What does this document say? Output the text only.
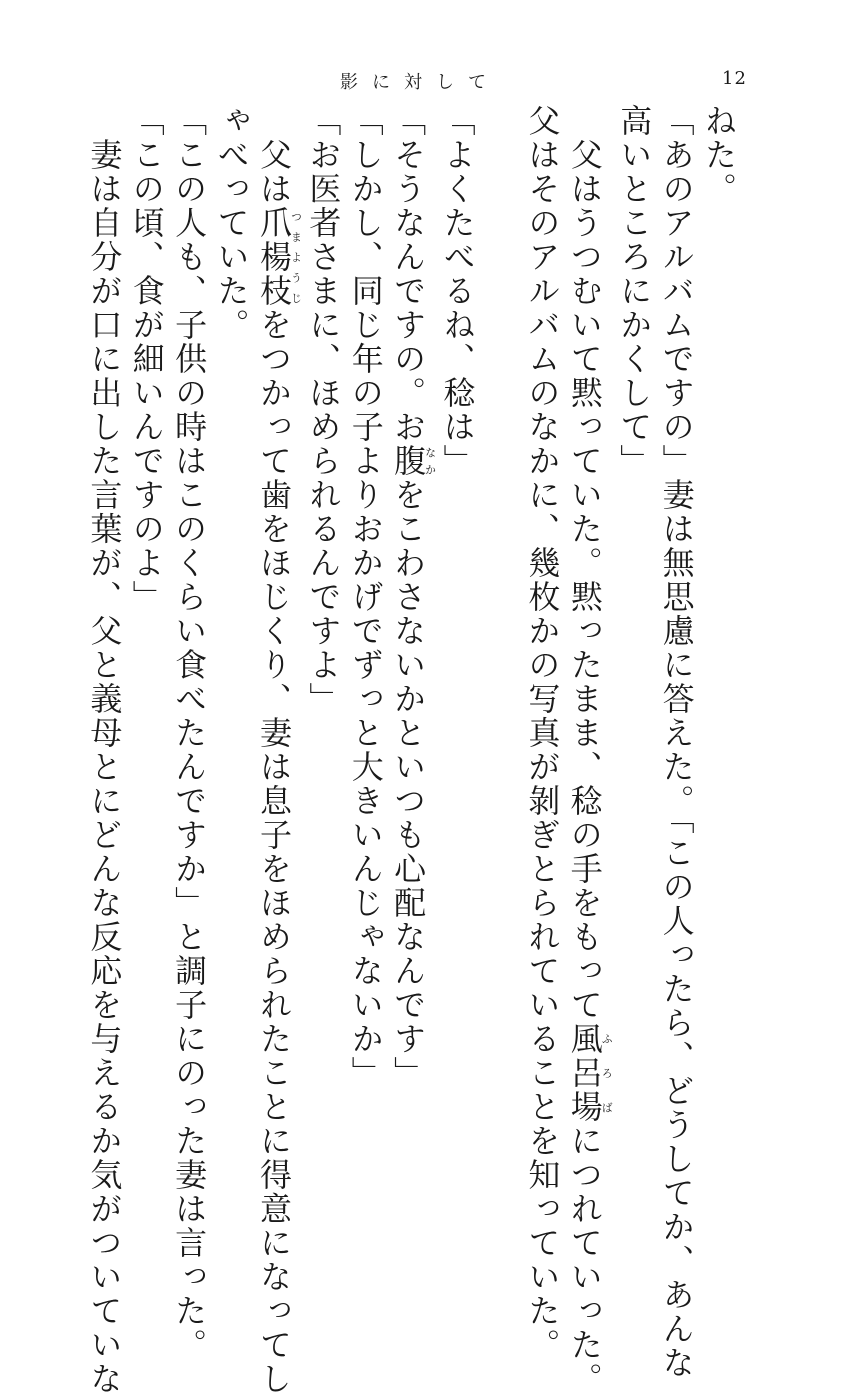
影に対して	12
ねた。
「あのアルバムですの」妻は無思慮に答えた。「この人ったら、どうしてか、あんな
高いところにかくして」
　父はうつむいて黙っていた。黙ったまま、稔の手をもって風呂場ふろばにつれていった。
父はそのアルバムのなかに、幾枚かの写真が剝ぎとられていることを知っていた。

「よくたべるね、稔は」
「そうなんですの。お腹なかをこわさないかといつも心配なんです」
「しかし、同じ年の子よりおかげでずっと大きいんじゃないか」
「お医者さまに、ほめられるんですよ」
　父は爪楊枝つまようじをつかって歯をほじくり、妻は息子をほめられたことに得意になってし
ゃべっていた。
「この人も、子供の時はこのくらい食べたんですか」と調子にのった妻は言った。
「この頃、食が細いんですのよ」
　妻は自分が口に出した言葉が、父と義母とにどんな反応を与えるか気がついていな
